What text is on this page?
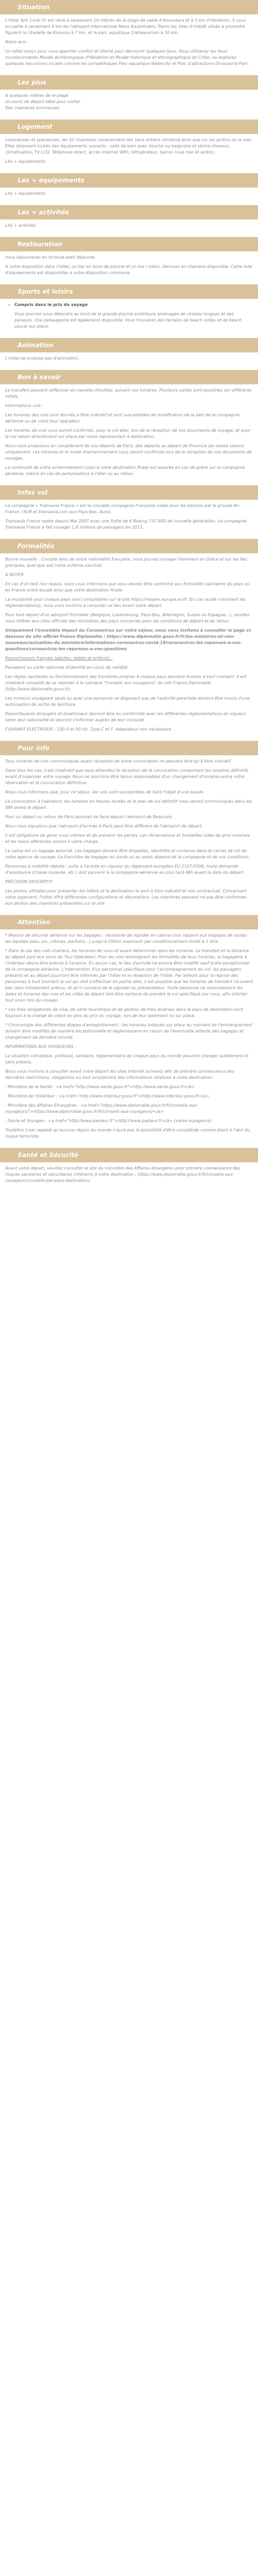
Situation

L'hôtel Ajiti Coral 3* est situé à seulement 10 mètres de la plage de sable d'Amoudara et à 3 km d'Héraklion. Il vous accueille à seulement 6 km de l'aéroport international Nikos Kazantzakis. Parmi les sites d'intérêt situés à proximité figurent la citadelle de Knossos à 7 km, et le parc aquatique Cretaquarium à 20 km.

Notre avis :

Un hôtel conçu pour vous apporter confort et liberté pour découvrir quelques lieux. Vous utiliserez les lieux incontournables Musée archéologique d'Héraklion et Musée historique et ethnographique de Crète, ou explorez quelques excursions locales comme les sympathiques Parc aquatique Watercity et Parc d'attractions Dinosauria Park.

Les plus

A quelques mètres de la plage

Un point de départ idéal pour visiter

Des chambres lumineuses

Logement

Lumineuses et spacieuses, les 32 chambres comprennent des lieux entiers climatisé ainsi que sur les jardins ou la mer. Elles disposent toutes des équipements suivants : salle de bain avec douche ou baignoire et sèche-cheveux, climatisation, TV LCD, Téléphone direct, accès Internet WIFI, réfrigérateur, balcon (vue mer et jardin).

Lits + équipements

Les + équipements

Lits + équipements

Les + activités

Lits + activités

Restauration

Vous séjournerez en formule petit déjeuner.

A votre disposition dans l'hôtel, un bar en bord de piscine et un bar / salon. Services en chambre disponible. Cette liste d'équipements est disponibles à votre disposition commune.

Sports et loisirs
• Compris dans le prix du voyage

Vous pourrez vous détendre au bord de la grande piscine extérieure aménagée de chaises longues et des parasols. Une pataugeoire est également disponible. Vous trouverez des terrains de beach volley et de beach soccer sur place.

Animation

L'hôtel ne propose pas d'animation.

Bon à savoir

Le transfert peuvent (effectuer en navette (Shuttle), suivant vos horaires. Plusieurs cartes sont possibles sur différents hôtels.

Informations vols :

Les horaires des vols sont donnés à titre indicatif et sont susceptibles de modification de la part de la compagnie aérienne ou de votre tour opérateur.

Les horaires de vols vous seront confirmés, pour le vol aller, lors de la réception de vos documents de voyage, et pour le vol retour directement sur place par notre représentant à destination.

Nous vous proposons en complément de vos départs de Paris, des départs au départ de Province (en basse saison) uniquement. Les horaires et le mode d'acheminement vous seront confirmés lors de la réception de vos documents de voyages.

La continuité de votre acheminement jusqu'à votre destination finale est assurée en cas de grève sur la compagnie aérienne, même en cas de perturbations à l'aller ou au retour.

Infos vol

La compagnie « Transavia France » est la nouvelle compagnie Française créée pour les besoins par le groupe Air France / KLM et transavia.com aux Pays-Bas. Aussi,

Transavia France opère depuis Mai 2007 avec une flotte de 6 Boeing 737-800 de nouvelle génération, La compagnie Transavia France a fait voyager 1,8 millions de passagers en 2011.

Formalités

Bonne nouvelle : Compte tenu de votre nationalité française, vous pouvez voyager librement en Grèce et sur les îles grecques, quel que soit votre schéma vaccinal.

A NOTER

En cas d'un test non requis, nous vous informons que vous devrez être conforme aux formalités sanitaires du pays ou en France entre escale ainsi que votre destination finale.

La mutabilité pour chaque pays sont consultables sur le site https://reopen.europa.eu/fr (En cas ou/de n'existent les règlementations), nous vous invitons à consulter ce lien avant votre départ.

Pour tout départ d'un aéroport frontalier (Belgique, Luxembourg, Pays-Bas, Allemagne, Suisse ou Espagne...), veuillez vous référer aux sites officiels des ministères des pays concernés pour les conditions de départ et de retour.

Uniquement l'ensemble impact du Coronavirus sur votre séjour, nous vous invitons à consulter la page ci-dessous du site officiel France Diplomatie : https://www.diplomatie.gouv.fr/fr/les-ministres-et-non-nouveaux/actualites-du-ministere/informations-coronavirus-covid-19/coronavirus-les-reponses-a-vos-questions/coronavirus-les-reponses-a-vos-questions

Ressortissants français (adultes, bébés et enfants) :

Passeport ou carte nationale d'identité en cours de validité.

Les règles sanitaires ou fonctionnement des frontières propres à chaque pays peuvent évoluer à tout moment. Il est vivement conseillé de se reporter à la rubrique "Conseils aux voyageurs" du site France Diplomatie (http://www.diplomatie.gouv.fr).

Les mineurs voyageant seuls ou avec une personne ne disposant pas de l'autorité parentale doivent être munis d'une autorisation de sortie de territoire.

Ressortissants étrangers et binationaux devront être en conformité avec les différentes réglementations en vigueur, selon leur nationalité et devront s'informer auprès de leur consulat.

COURANT ELECTRIQUE : 230 V et 50 Hz. Type C et F. Adaptateur non nécessaire.

Pour info

Tous horaires de vols communiqués avant réception de votre convocation ne peuvent être qu'à titre indicatif.

Dans tous les cas, il est impératif que vous attendiez la réception de la convocation comportant les horaires définitifs avant d'organiser votre voyage. Nous ne pourrons être tenus responsables d'un changement d'horaires entre votre réservation et la convocation définitive.

Nous vous informons que, pour ce séjour, les vols sont susceptibles de faire l'objet d'une escale.

La convocation à l'aéroport, les horaires en heures locales et le plan de vol définitif vous seront communiqués dans les 48h avant le départ.

Pour un départ ou retour de Paris pourrait se faire depuis l'aéroport de Beauvais.

Nous vous signalons que l'aéroport d'arrivée à Paris peut être différent de l'aéroport de départ.

Il est obligatoire de gérer vous-mêmes et de prévenir les pertes. Les réclamations et bouteilles vides de gros volumes et les taxes afférentes seront à votre charge.

La valise est un bagage autorisé. Les bagages doivent être étiquetés, identifiés et contenus dans le carnet de vol de votre agence de voyage. La franchise de bagages en soute ou au poids dépend de la compagnie et de vos conditions.

Personnes à mobilité réduite : suite à l'entrée en vigueur du règlement européen EU 1107/2006, toute demande d'assistance (chaise roulante, etc.) doit parvenir à la compagnie aérienne au plus tard 48h avant la date du départ.

PRÉCISION DESCRIPTIF

Les photos utilisées pour présenter les hôtels et la destination le sont à titre indicatif et non contractuel. Concernant votre logement, l'hôtel offre différentes configurations et décorations. Les chambres peuvent ne pas être conformes aux photos des chambres présentées sur le site.

Attention

* Mesure de sécurité aérienne sur les bagages : restreinte de liquides en cabine (non rapport aux bagages de soute) les liquides (eau, jus, crèmes, parfums...) jusqu'à 100ml maximum par conditionnement limité à 1 litre.

* Dans le cas des vols charters, les horaires de vous et avant déterminés dans les horaires. Le transfert et la distance au départ sont aux soins du Tour Opérateur. Pour les vols restreignant les formalités de tous horaires, la bagagerie à l'intérieur devra être prévue à l'avance. En aucun cas, le lieu d'arrivée ne pourra être modifié sauf ordre exceptionnel de la compagnie aérienne. L'intervention d'un personnel spécifique pour l'accompagnement du vol, les passagers présents et au départ pourront être informés par l'hôtel et la réception de l'hôtel. Par ailleurs pour la reprise des personnes à tout moment le vol qui doit s'effectuer en partie aller, il est possible que les horaires de transfert ne soient pas ceux initialement prévus, et qu'il convient de le signaler au présentateur. Toute personne ne reconnaissant les dates et horaires des vols et les villes de départ doit être certaine de prendre le vol spécifique par vous, afin d'éviter tout souci lors du voyage.

* Les frais obligatoires de visa, de carte touristique et de gestion de frais diverses dans le pays de destination sont toujours à la charge du client en plus du prix du voyage, lors de leur paiement ou sur place.

* Chronologie des différentes étapes d'enregistrement : les horaires indiqués sur place au moment de l'embarquement doivent être modifiés de manière exceptionnelle et réglementaire en raison de l'éventuelle attente des bagages et changement de dernière minute.

INFORMATIONS AUX VOYAGEURS :

La situation climatique, politique, sanitaire, réglementaire de chaque pays du monde peuvent changer subitement et sans préavis.

Nous vous invitons à consulter avant votre départ les sites Internet suivants afin de prendre connaissance des dernières restrictions, obligations ou tout simplement des informations relatives à votre destination :

- Ministère de la Santé : <a href="http://www.sante.gouv.fr">http://www.sante.gouv.fr</a>

- Ministère de l'Intérieur : <a href="http://www.interieur.gouv.fr">http://www.interieur.gouv.fr</a>

- Ministère des Affaires Étrangères : <a href="https://www.diplomatie.gouv.fr/fr/conseils-aux-voyageurs/">https://www.diplomatie.gouv.fr/fr/conseils-aux-voyageurs/</a>

- Sante et Voyages : <a href="http://www.pasteur.fr">http://www.pasteur.fr</a> (sante-voyageurs)

Toutefois il est rappelé qu'aucune région du monde n'aura pas la possibilité d'être considérée comme étant à l'abri du risque terroriste.

Santé et Sécurité

Avant votre départ, veuillez consulter le site du ministère des Affaires étrangères pour prendre connaissance des risques sanitaires et sécuritaires inhérents à votre destination : https://www.diplomatie.gouv.fr/fr/conseils-aux-voyageurs/conseils-par-pays-destination/
